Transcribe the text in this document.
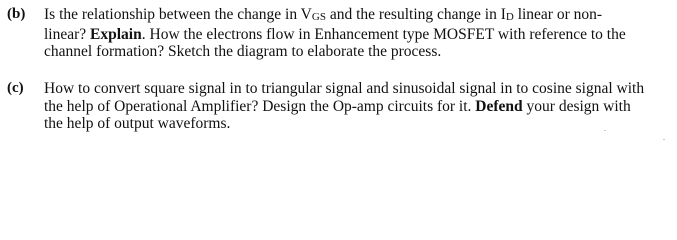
(b) Is the relationship between the change in VGS and the resulting change in ID linear or non-
linear? Explain. How the electrons flow in Enhancement type MOSFET with reference to the
channel formation? Sketch the diagram to elaborate the process.

(c) How to convert square signal in to triangular signal and sinusoidal signal in to cosine signal with
the help of Operational Amplifier? Design the Op-amp circuits for it. Defend your design with
the help of output waveforms.
